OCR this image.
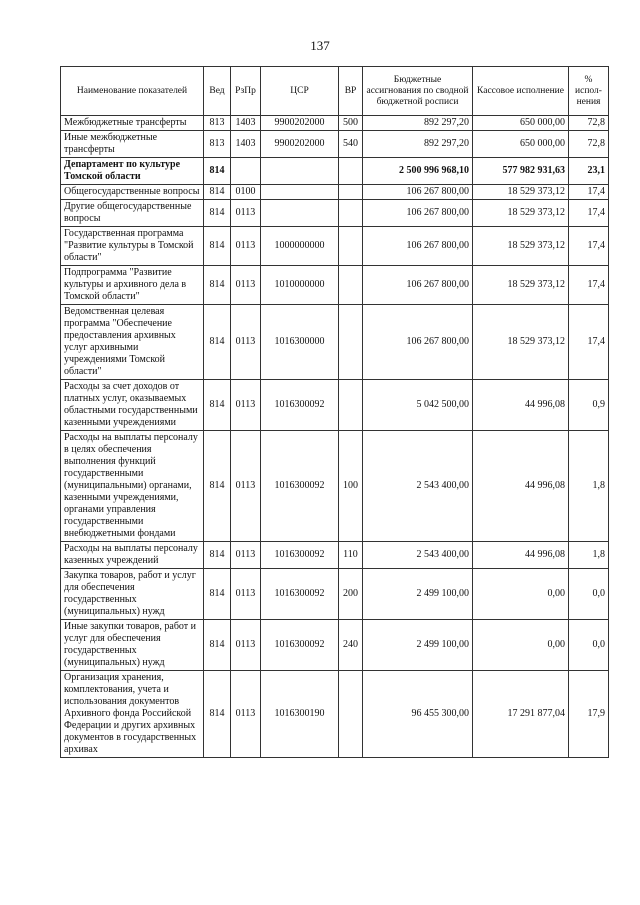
137
Наименование показателей	Вед	РзПр	ЦСР	ВР	Бюджетные ассигнования по сводной бюджетной росписи	Кассовое исполнение	% испол-нения
Межбюджетные трансферты	813	1403	9900202000	500	892 297,20	650 000,00	72,8
Иные межбюджетные трансферты	813	1403	9900202000	540	892 297,20	650 000,00	72,8
Департамент по культуре Томской области	814				2 500 996 968,10	577 982 931,63	23,1
Общегосударственные вопросы	814	0100			106 267 800,00	18 529 373,12	17,4
Другие общегосударственные вопросы	814	0113			106 267 800,00	18 529 373,12	17,4
Государственная программа "Развитие культуры в Томской области"	814	0113	1000000000		106 267 800,00	18 529 373,12	17,4
Подпрограмма "Развитие культуры и архивного дела в Томской области"	814	0113	1010000000		106 267 800,00	18 529 373,12	17,4
Ведомственная целевая программа "Обеспечение предоставления архивных услуг архивными учреждениями Томской области"	814	0113	1016300000		106 267 800,00	18 529 373,12	17,4
Расходы за счет доходов от платных услуг, оказываемых областными государственными казенными учреждениями	814	0113	1016300092		5 042 500,00	44 996,08	0,9
Расходы на выплаты персоналу в целях обеспечения выполнения функций государственными (муниципальными) органами, казенными учреждениями, органами управления государственными внебюджетными фондами	814	0113	1016300092	100	2 543 400,00	44 996,08	1,8
Расходы на выплаты персоналу казенных учреждений	814	0113	1016300092	110	2 543 400,00	44 996,08	1,8
Закупка товаров, работ и услуг для обеспечения государственных (муниципальных) нужд	814	0113	1016300092	200	2 499 100,00	0,00	0,0
Иные закупки товаров, работ и услуг для обеспечения государственных (муниципальных) нужд	814	0113	1016300092	240	2 499 100,00	0,00	0,0
Организация хранения, комплектования, учета и использования документов Архивного фонда Российской Федерации и других архивных документов в государственных архивах	814	0113	1016300190		96 455 300,00	17 291 877,04	17,9
